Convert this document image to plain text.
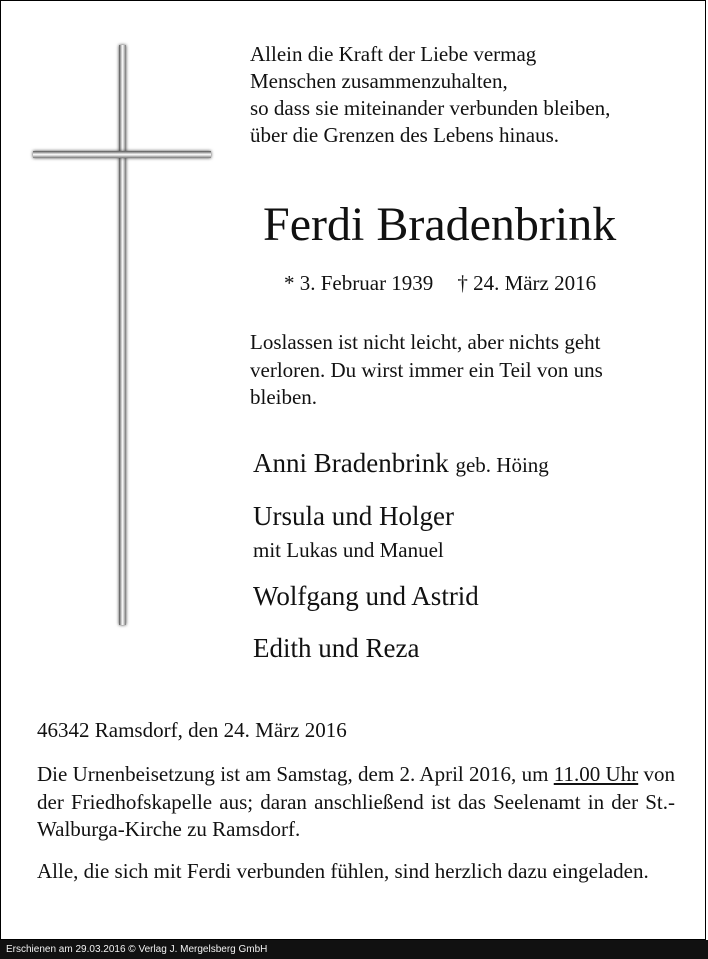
Allein die Kraft der Liebe vermag
Menschen zusammenzuhalten,
so dass sie miteinander verbunden bleiben,
über die Grenzen des Lebens hinaus.
Ferdi Bradenbrink
* 3. Februar 1939 † 24. März 2016
Loslassen ist nicht leicht, aber nichts geht
verloren. Du wirst immer ein Teil von uns
bleiben.
Anni Bradenbrink geb. Höing
Ursula und Holger
mit Lukas und Manuel
Wolfgang und Astrid
Edith und Reza
46342 Ramsdorf, den 24. März 2016
Die Urnenbeisetzung ist am Samstag, dem 2. April 2016, um 11.00 Uhr von der Friedhofskapelle aus; daran anschließend ist das Seelenamt in der St.-Walburga-Kirche zu Ramsdorf.
Alle, die sich mit Ferdi verbunden fühlen, sind herzlich dazu eingeladen.
Erschienen am 29.03.2016 © Verlag J. Mergelsberg GmbH
